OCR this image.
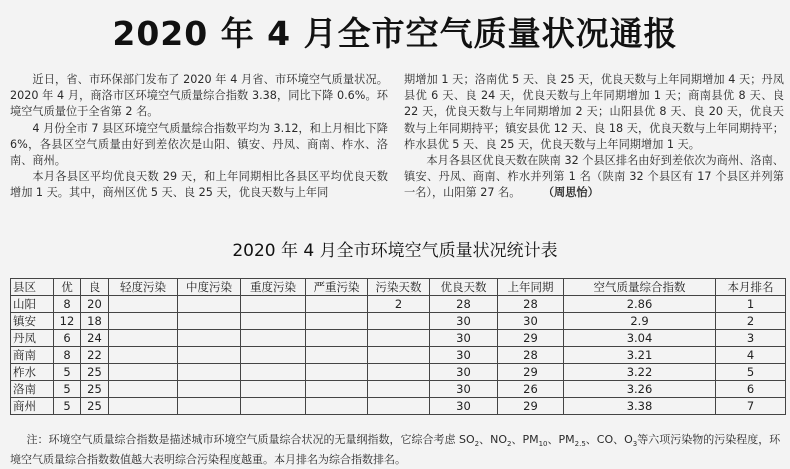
2020 年 4 月全市空气质量状况通报

近日，省、市环保部门发布了 2020 年 4 月省、市环境空气质量状况。2020 年 4 月，商洛市区环境空气质量综合指数 3.38，同比下降 0.6%。环境空气质量位于全省第 2 名。

4 月份全市 7 县区环境空气质量综合指数平均为 3.12，和上月相比下降 6%，各县区空气质量由好到差依次是山阳、镇安、丹凤、商南、柞水、洛南、商州。

本月各县区平均优良天数 29 天，和上年同期相比各县区平均优良天数增加 1 天。其中，商州区优 5 天、良 25 天，优良天数与上年同

期增加 1 天；洛南优 5 天、良 25 天，优良天数与上年同期增加 4 天；丹凤县优 6 天、良 24 天，优良天数与上年同期增加 1 天；商南县优 8 天、良 22 天，优良天数与上年同期增加 2 天；山阳县优 8 天、良 20 天，优良天数与上年同期持平；镇安县优 12 天、良 18 天，优良天数与上年同期持平；柞水县优 5 天、良 25 天，优良天数与上年同期增加 1 天。

本月各县区优良天数在陕南 32 个县区排名由好到差依次为商州、洛南、镇安、丹凤、商南、柞水并列第 1 名（陕南 32 个县区有 17 个县区并列第一名），山阳第 27 名。	（周思怡）

2020 年 4 月全市环境空气质量状况统计表
县区	优	良	轻度污染	中度污染	重度污染	严重污染	污染天数	优良天数	上年同期	空气质量综合指数	本月排名
山阳	8	20					2	28	28	2.86	1
镇安	12	18						30	30	2.9	2
丹凤	6	24						30	29	3.04	3
商南	8	22						30	28	3.21	4
柞水	5	25						30	29	3.22	5
洛南	5	25						30	26	3.26	6
商州	5	25						30	29	3.38	7
注：环境空气质量综合指数是描述城市环境空气质量综合状况的无量纲指数，它综合考虑 $SO_2$、$NO_2$、$PM_{10}$、$PM_{2.5}$、CO、$O_3$等六项污染物的污染程度，环境空气质量综合指数数值越大表明综合污染程度越重。本月排名为综合指数排名。
